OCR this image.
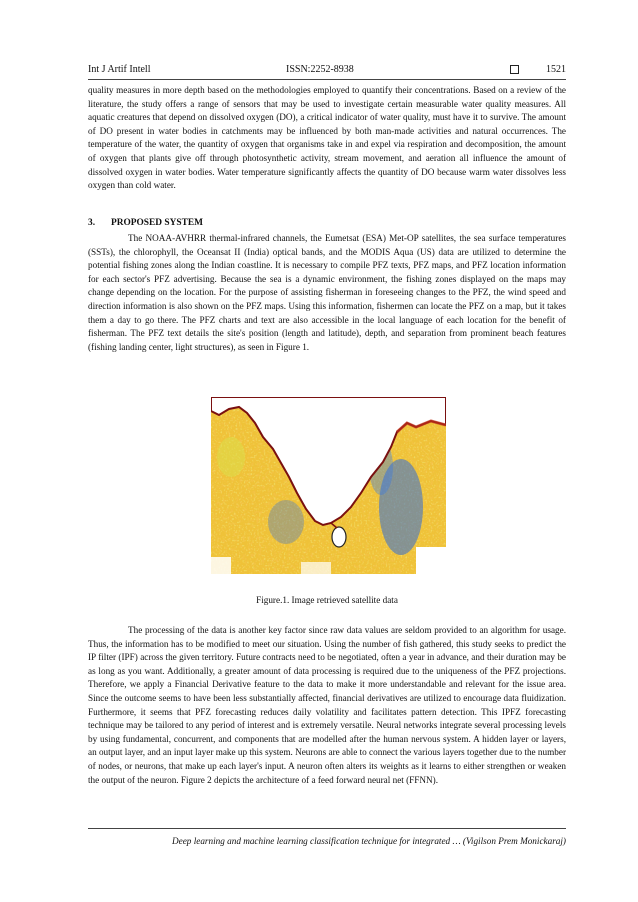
Int J Artif Intell	ISSN:2252-8938	1521

quality measures in more depth based on the methodologies employed to quantify their concentrations. Based on a review of the literature, the study offers a range of sensors that may be used to investigate certain measurable water quality measures. All aquatic creatures that depend on dissolved oxygen (DO), a critical indicator of water quality, must have it to survive. The amount of DO present in water bodies in catchments may be influenced by both man-made activities and natural occurrences. The temperature of the water, the quantity of oxygen that organisms take in and expel via respiration and decomposition, the amount of oxygen that plants give off through photosynthetic activity, stream movement, and aeration all influence the amount of dissolved oxygen in water bodies. Water temperature significantly affects the quantity of DO because warm water dissolves less oxygen than cold water.

3. PROPOSED SYSTEM

The NOAA-AVHRR thermal-infrared channels, the Eumetsat (ESA) Met-OP satellites, the sea surface temperatures (SSTs), the chlorophyll, the Oceansat II (India) optical bands, and the MODIS Aqua (US) data are utilized to determine the potential fishing zones along the Indian coastline. It is necessary to compile PFZ texts, PFZ maps, and PFZ location information for each sector's PFZ advertising. Because the sea is a dynamic environment, the fishing zones displayed on the maps may change depending on the location. For the purpose of assisting fisherman in foreseeing changes to the PFZ, the wind speed and direction information is also shown on the PFZ maps. Using this information, fishermen can locate the PFZ on a map, but it takes them a day to go there. The PFZ charts and text are also accessible in the local language of each location for the benefit of fisherman. The PFZ text details the site's position (length and latitude), depth, and separation from prominent beach features (fishing landing center, light structures), as seen in Figure 1.

Figure.1. Image retrieved satellite data

The processing of the data is another key factor since raw data values are seldom provided to an algorithm for usage. Thus, the information has to be modified to meet our situation. Using the number of fish gathered, this study seeks to predict the IP filter (IPF) across the given territory. Future contracts need to be negotiated, often a year in advance, and their duration may be as long as you want. Additionally, a greater amount of data processing is required due to the uniqueness of the PFZ projections. Therefore, we apply a Financial Derivative feature to the data to make it more understandable and relevant for the issue area. Since the outcome seems to have been less substantially affected, financial derivatives are utilized to encourage data fluidization. Furthermore, it seems that PFZ forecasting reduces daily volatility and facilitates pattern detection. This IPFZ forecasting technique may be tailored to any period of interest and is extremely versatile. Neural networks integrate several processing levels by using fundamental, concurrent, and components that are modelled after the human nervous system. A hidden layer or layers, an output layer, and an input layer make up this system. Neurons are able to connect the various layers together due to the number of nodes, or neurons, that make up each layer's input. A neuron often alters its weights as it learns to either strengthen or weaken the output of the neuron. Figure 2 depicts the architecture of a feed forward neural net (FFNN).

Deep learning and machine learning classification technique for integrated … (Vigilson Prem Monickaraj)
